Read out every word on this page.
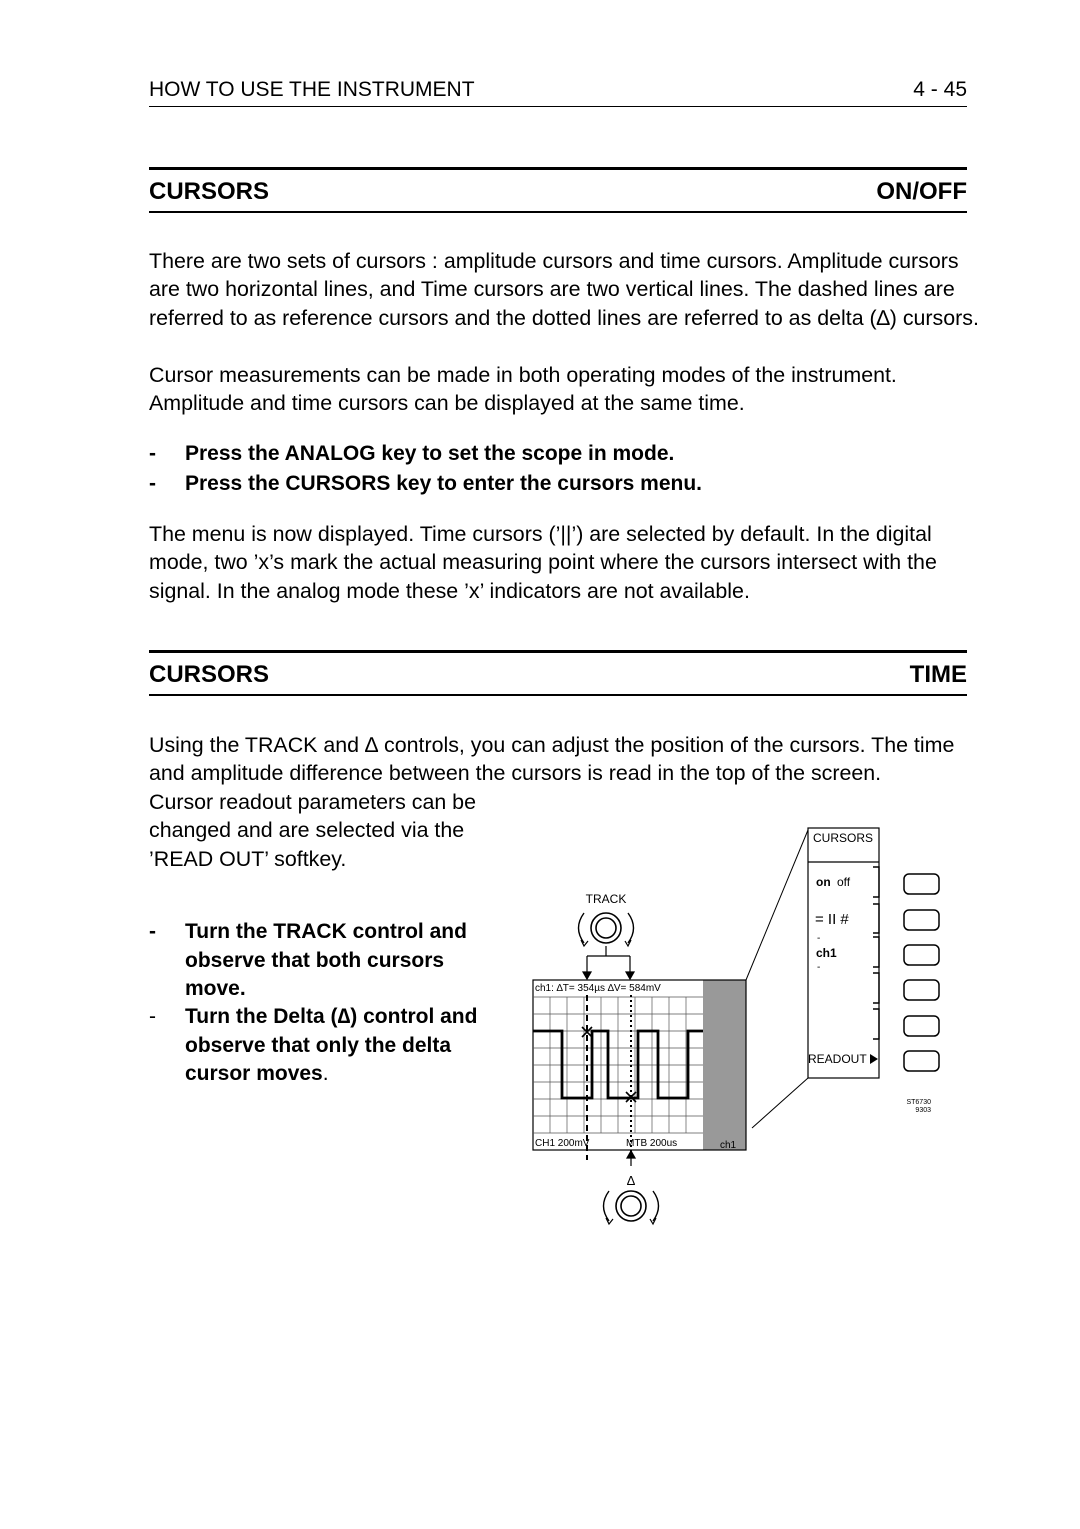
HOW TO USE THE INSTRUMENT	4 - 45
CURSORS	ON/OFF
There are two sets of cursors : amplitude cursors and time cursors. Amplitude cursors are two horizontal lines, and Time cursors are two vertical lines. The dashed lines are referred to as reference cursors and the dotted lines are referred to as delta (∆) cursors.
Cursor measurements can be made in both operating modes of the instrument. Amplitude and time cursors can be displayed at the same time.
- Press the ANALOG key to set the scope in mode.
- Press the CURSORS key to enter the cursors menu.
The menu is now displayed. Time cursors (’||’) are selected by default. In the digital mode, two ’x’s mark the actual measuring point where the cursors intersect with the signal. In the analog mode these ’x’ indicators are not available.
CURSORS	TIME
Using the TRACK and ∆ controls, you can adjust the position of the cursors. The time and amplitude difference between the cursors is read in the top of the screen.
Cursor readout parameters can be
changed and are selected via the
’READ OUT’ softkey.
- Turn the TRACK control and observe that both cursors move.
- Turn the Delta (∆) control and observe that only the delta cursor moves.
TRACK
ch1: ∆T= 354µs ∆V= 584mV
CH1 200mV	MTB 200us	ch1
∆
CURSORS
on off
= II #
-
ch1
-
READOUT
ST6730
9303
